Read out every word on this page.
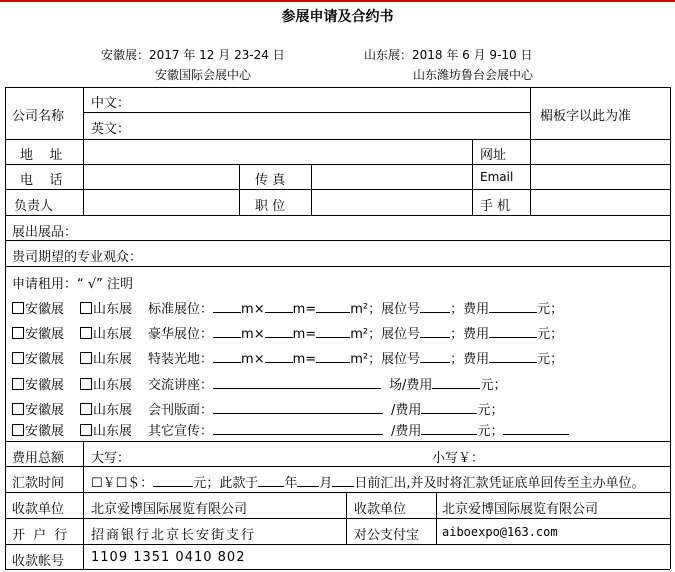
参展申请及合约书
安徽展：2017 年 12 月 23-24 日
安徽国际会展中心
山东展：2018 年 6 月 9-10 日
山东潍坊鲁台会展中心
公司名称
中文：
英文：
楣板字以此为准
地    址	网址
电    话	传 真	Email
负责人	职 位	手 机
展出展品：
贵司期望的专业观众：
申请租用：“ √” 注明
安徽展 山东展 标准展位： m× m=	m²；展位号 ；费用	元；
安徽展 山东展 豪华展位： m× m=	m²；展位号 ；费用	元；
安徽展 山东展 特装光地： m× m=	m²；展位号 ；费用	元；
安徽展 山东展 交流讲座：	场/费用	元；
安徽展 山东展 会刊版面：	/费用	元；
安徽展 山东展 其它宣传：	/费用	元；
费用总额 大写：	小写￥：
汇款时间 ☐￥☐＄：	元；此款于 年 月 日前汇出,并及时将汇款凭证底单回传至主办单位。
收款单位 北京爱博国际展览有限公司	收款单位	北京爱博国际展览有限公司
开 户 行 招商银行北京长安街支行	对公支付宝 aiboexpo@163.com
收款帐号 1109 1351 0410 802
